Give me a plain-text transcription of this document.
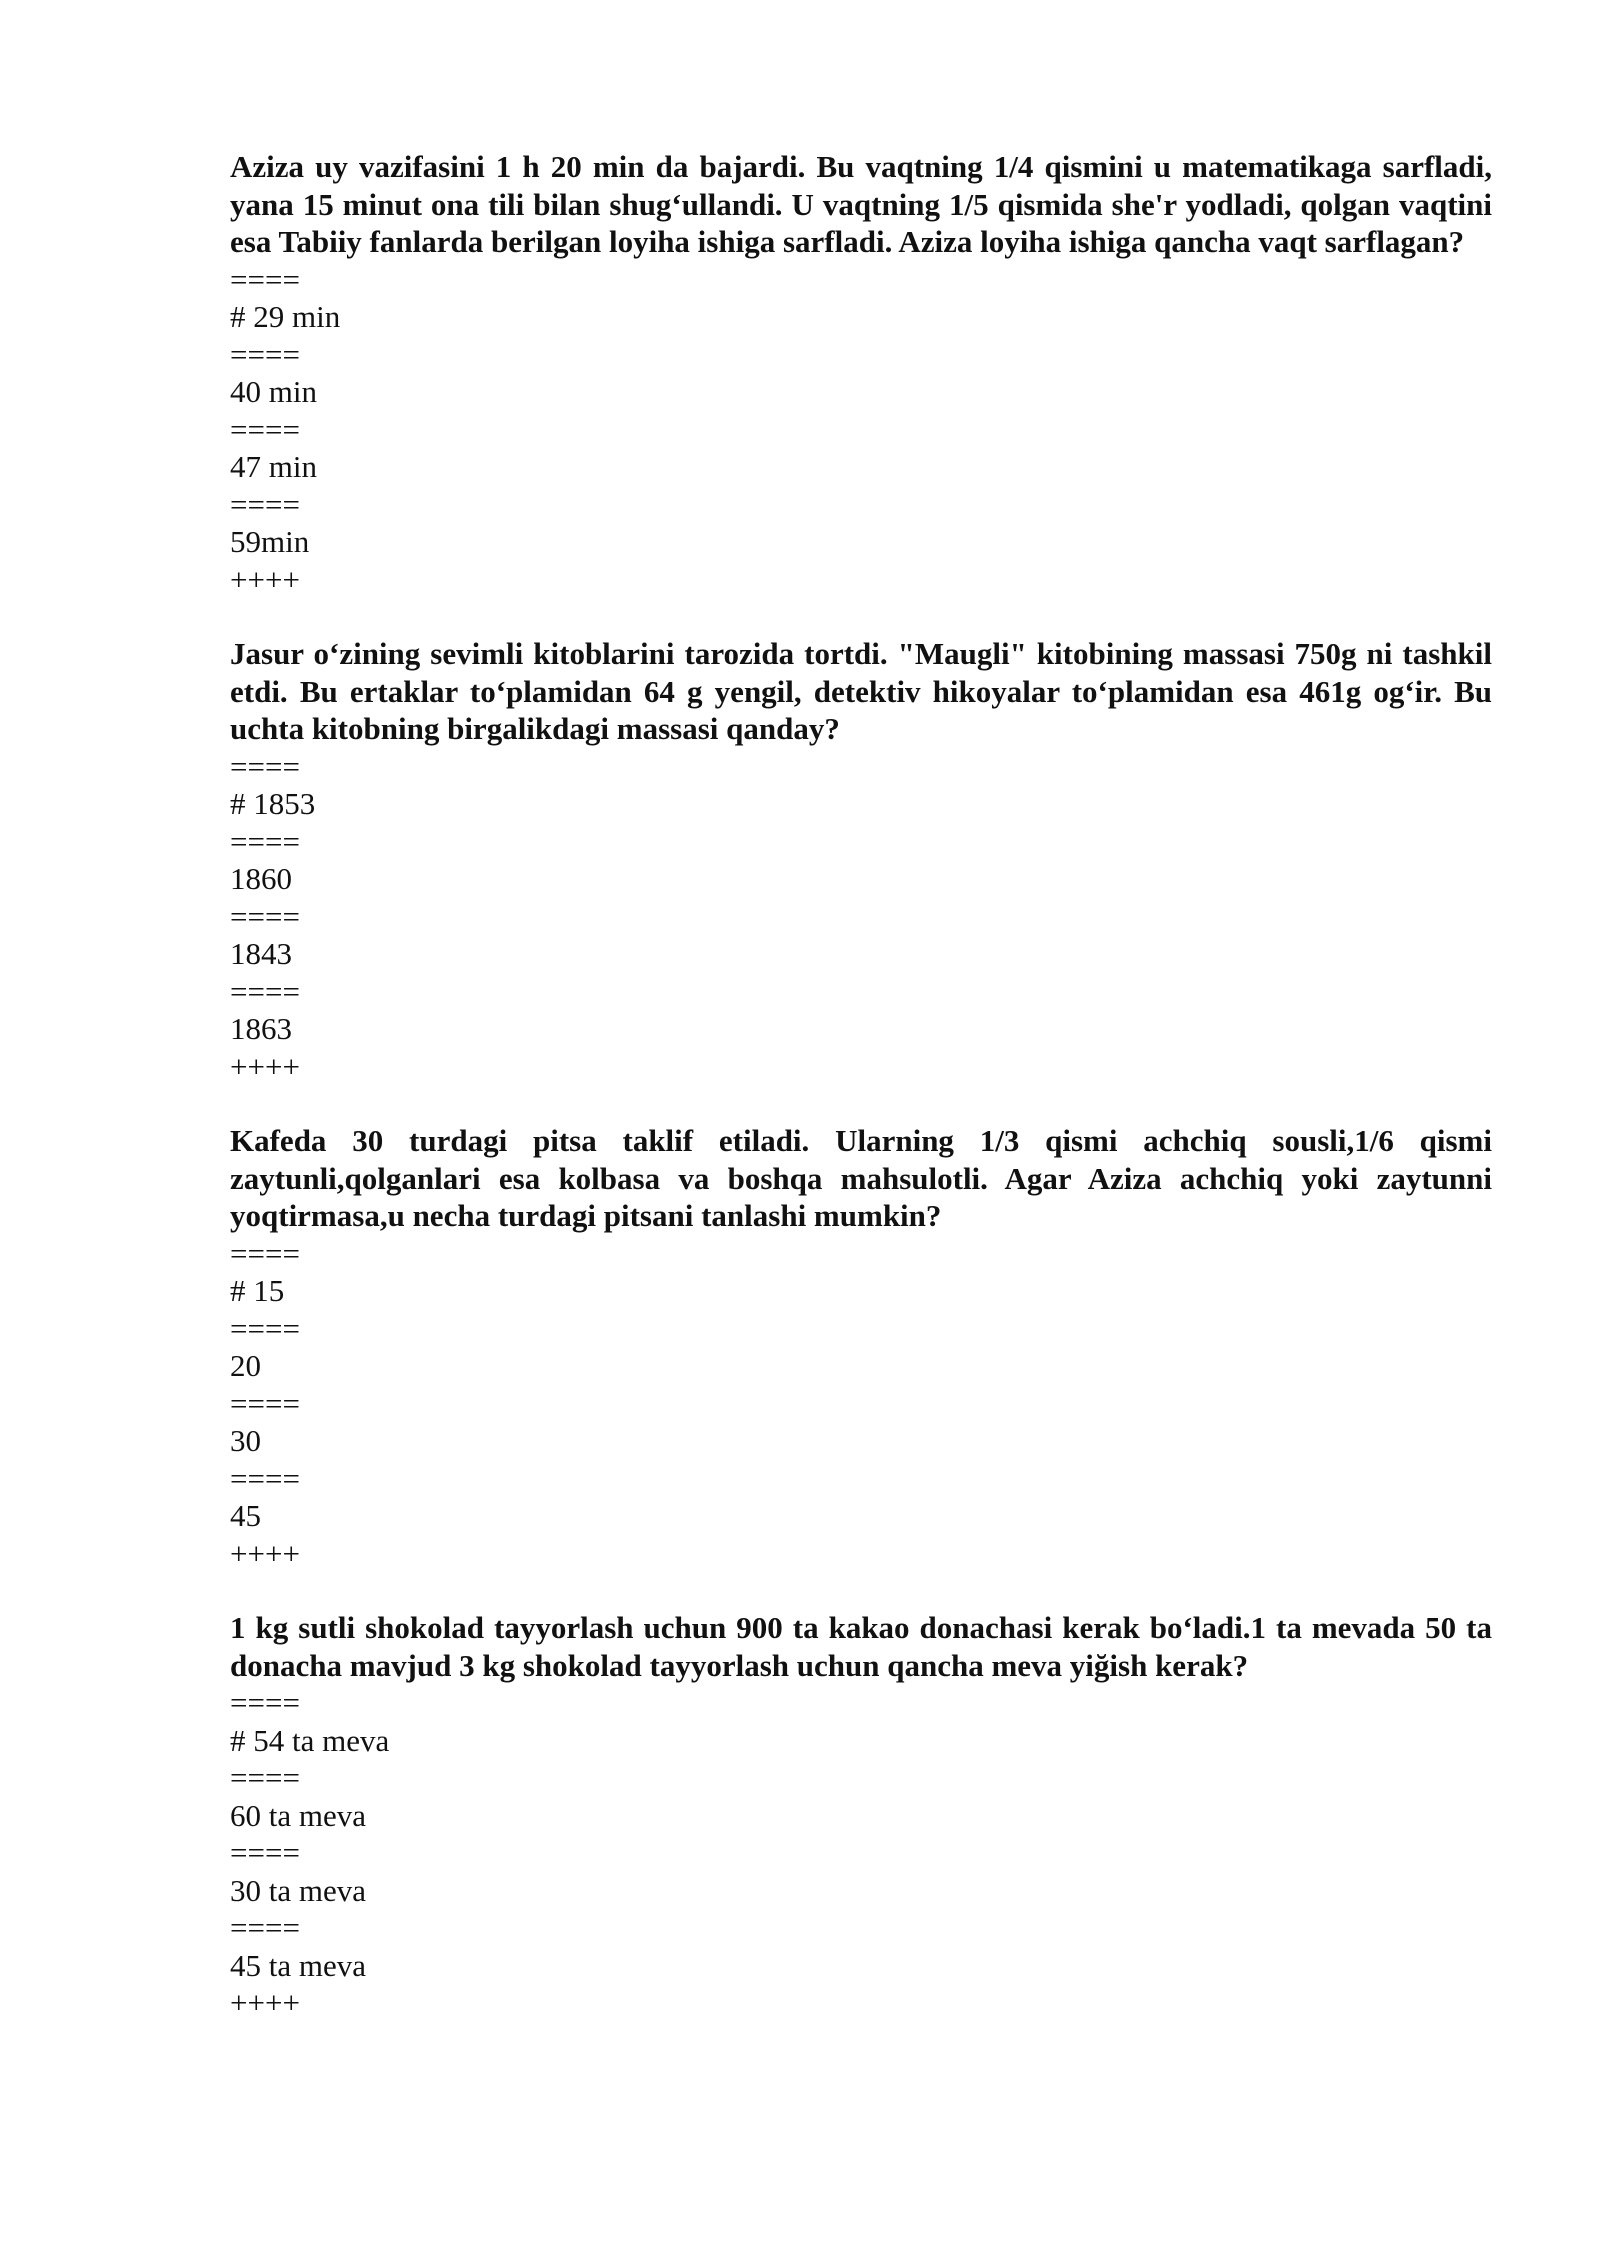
Aziza uy vazifasini 1 h 20 min da bajardi. Bu vaqtning 1/4 qismini u matematikaga sarfladi, yana 15 minut ona tili bilan shug‘ullandi. U vaqtning 1/5 qismida she'r yodladi, qolgan vaqtini esa Tabiiy fanlarda berilgan loyiha ishiga sarfladi. Aziza loyiha ishiga qancha vaqt sarflagan?

====
# 29 min
====
40 min
====
47 min
====
59min
++++

Jasur o‘zining sevimli kitoblarini tarozida tortdi. "Maugli" kitobining massasi 750g ni tashkil etdi. Bu ertaklar to‘plamidan 64 g yengil, detektiv hikoyalar to‘plamidan esa 461g og‘ir. Bu uchta kitobning birgalikdagi massasi qanday?

====
# 1853
====
1860
====
1843
====
1863
++++

Kafeda 30 turdagi pitsa taklif etiladi. Ularning 1/3 qismi achchiq sousli,1/6 qismi zaytunli,qolganlari esa kolbasa va boshqa mahsulotli. Agar Aziza achchiq yoki zaytunni yoqtirmasa,u necha turdagi pitsani tanlashi mumkin?

====
# 15
====
20
====
30
====
45
++++

1 kg sutli shokolad tayyorlash uchun 900 ta kakao donachasi kerak bo‘ladi.1 ta mevada 50 ta donacha mavjud 3 kg shokolad tayyorlash uchun qancha meva yiğish kerak?

====
# 54 ta meva
====
60 ta meva
====
30 ta meva
====
45 ta meva
++++
